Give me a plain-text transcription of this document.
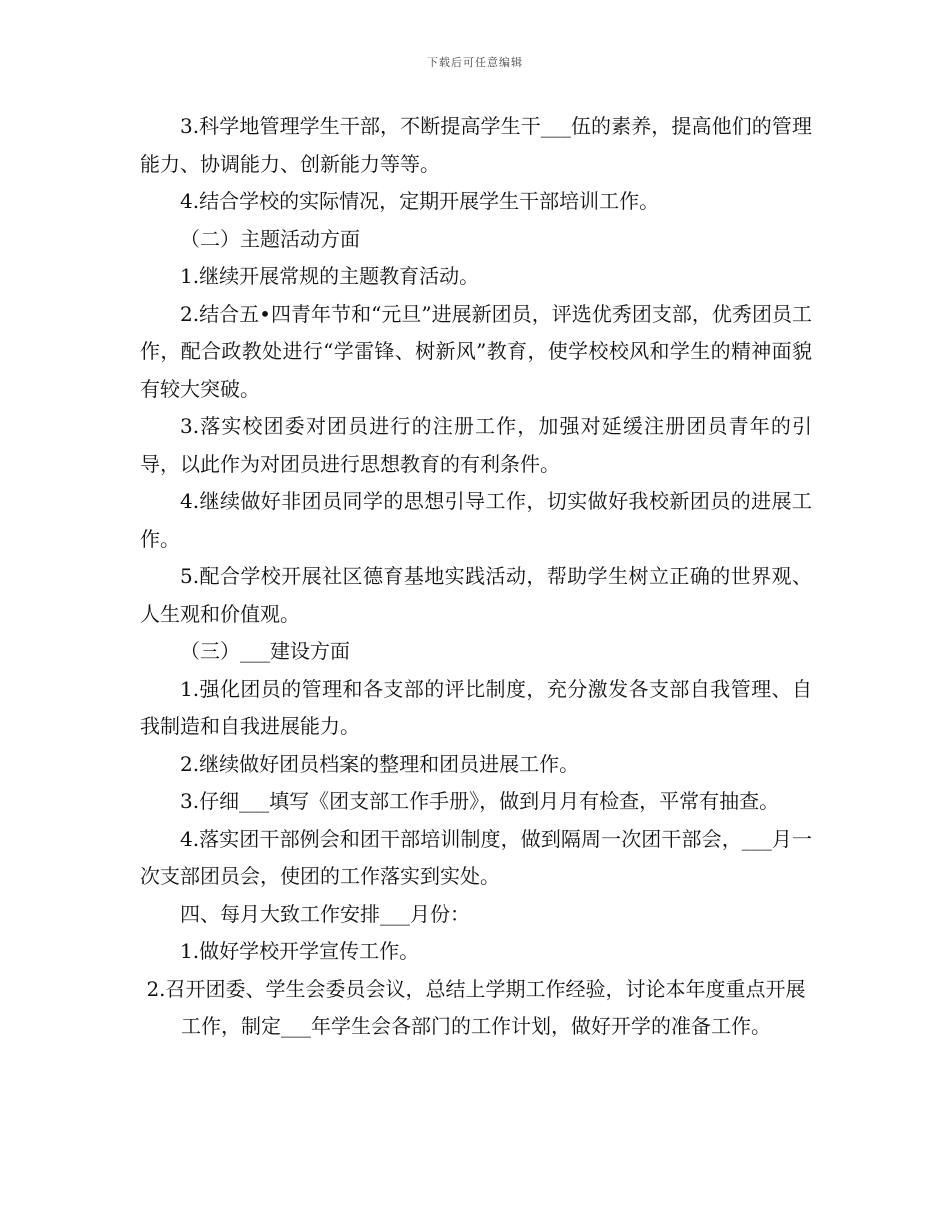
下载后可任意编辑

3.科学地管理学生干部，不断提高学生干___伍的素养，提高他们的管理能力、协调能力、创新能力等等。

4.结合学校的实际情况，定期开展学生干部培训工作。

（二）主题活动方面

1.继续开展常规的主题教育活动。

2.结合五•四青年节和“元旦”进展新团员，评选优秀团支部，优秀团员工作，配合政教处进行“学雷锋、树新风”教育，使学校校风和学生的精神面貌有较大突破。

3.落实校团委对团员进行的注册工作，加强对延缓注册团员青年的引导，以此作为对团员进行思想教育的有利条件。

4.继续做好非团员同学的思想引导工作，切实做好我校新团员的进展工作。

5.配合学校开展社区德育基地实践活动，帮助学生树立正确的世界观、人生观和价值观。

（三）___建设方面

1.强化团员的管理和各支部的评比制度，充分激发各支部自我管理、自我制造和自我进展能力。

2.继续做好团员档案的整理和团员进展工作。

3.仔细___填写《团支部工作手册》，做到月月有检查，平常有抽查。

4.落实团干部例会和团干部培训制度，做到隔周一次团干部会，___月一次支部团员会，使团的工作落实到实处。

四、每月大致工作安排___月份：

1.做好学校开学宣传工作。

2.召开团委、学生会委员会议，总结上学期工作经验，讨论本年度重点开展工作，制定___年学生会各部门的工作计划，做好开学的准备工作。
